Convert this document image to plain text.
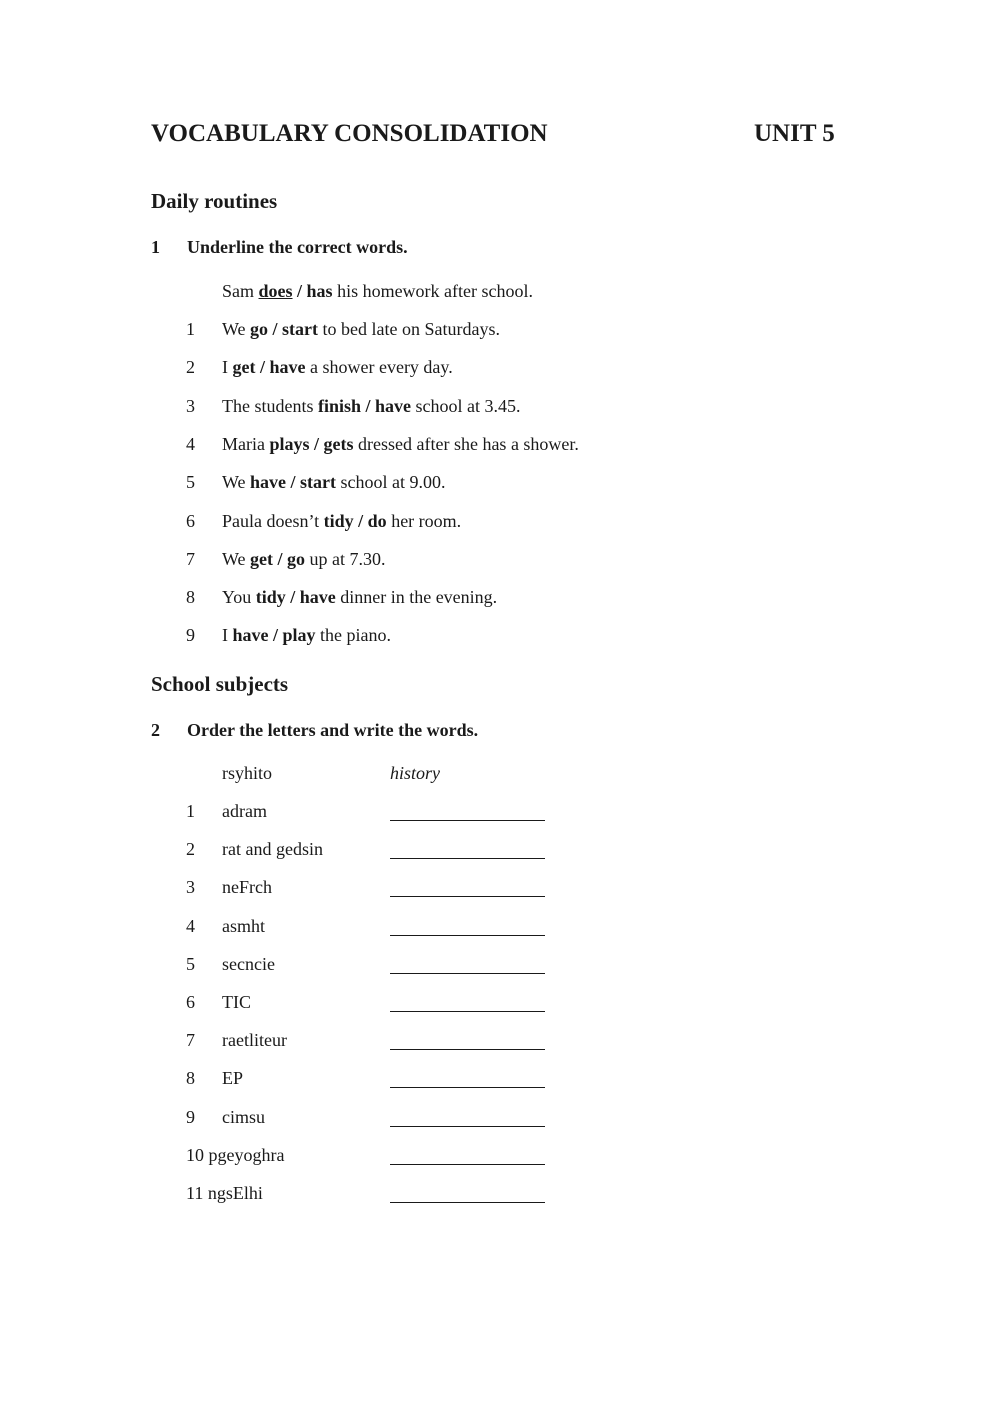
VOCABULARY CONSOLIDATION	UNIT 5
Daily routines
1 Underline the correct words.
Sam does / has his homework after school.
1 We go / start to bed late on Saturdays.
2 I get / have a shower every day.
3 The students finish / have school at 3.45.
4 Maria plays / gets dressed after she has a shower.
5 We have / start school at 9.00.
6 Paula doesn’t tidy / do her room.
7 We get / go up at 7.30.
8 You tidy / have dinner in the evening.
9 I have / play the piano.
School subjects
2 Order the letters and write the words.
rsyhito	history
1 adram
2 rat and gedsin
3 neFrch
4 asmht
5 secncie
6 TIC
7 raetliteur
8 EP
9 cimsu
10 pgeyoghra
11 ngsElhi
